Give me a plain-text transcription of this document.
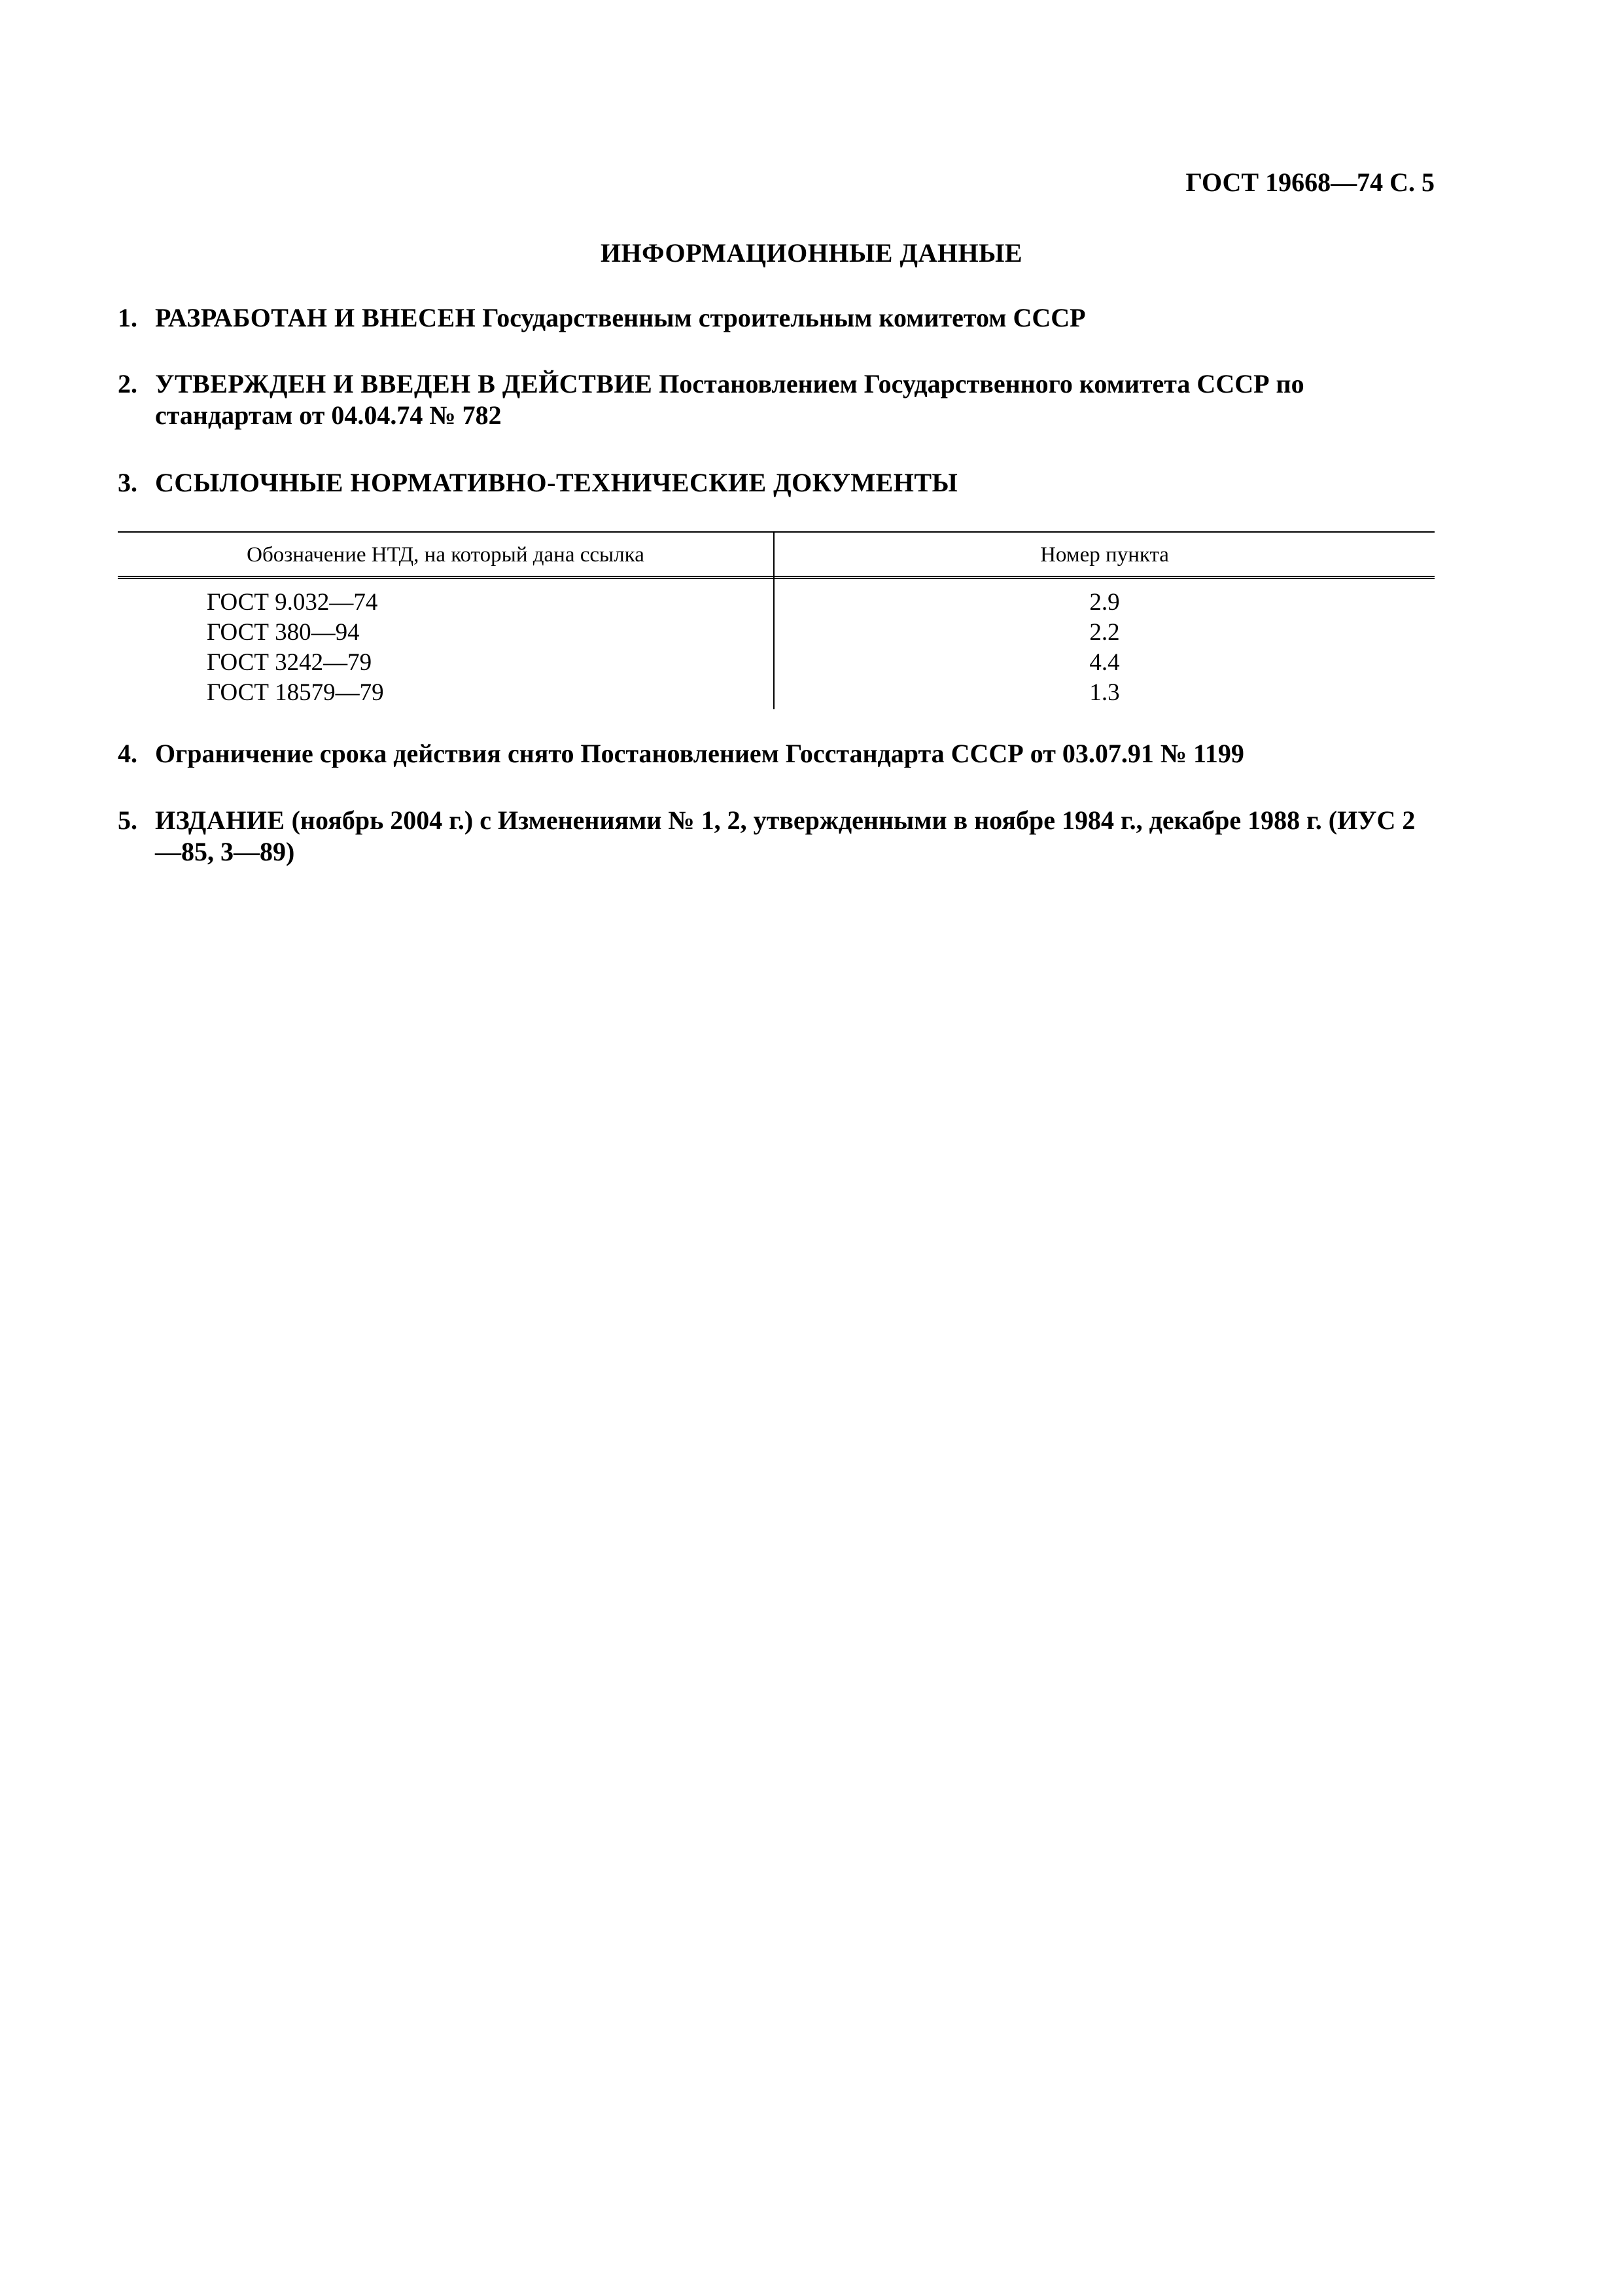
ГОСТ 19668—74 С. 5
ИНФОРМАЦИОННЫЕ ДАННЫЕ
1. РАЗРАБОТАН И ВНЕСЕН Государственным строительным комитетом СССР
2. УТВЕРЖДЕН И ВВЕДЕН В ДЕЙСТВИЕ Постановлением Государственного комитета СССР по стандартам от 04.04.74 № 782
3. ССЫЛОЧНЫЕ НОРМАТИВНО-ТЕХНИЧЕСКИЕ ДОКУМЕНТЫ
Обозначение НТД, на который дана ссылка	Номер пункта
ГОСТ 9.032—74	2.9
ГОСТ 380—94	2.2
ГОСТ 3242—79	4.4
ГОСТ 18579—79	1.3
4. Ограничение срока действия снято Постановлением Госстандарта СССР от 03.07.91 № 1199
5. ИЗДАНИЕ (ноябрь 2004 г.) с Изменениями № 1, 2, утвержденными в ноябре 1984 г., декабре 1988 г. (ИУС 2—85, 3—89)
